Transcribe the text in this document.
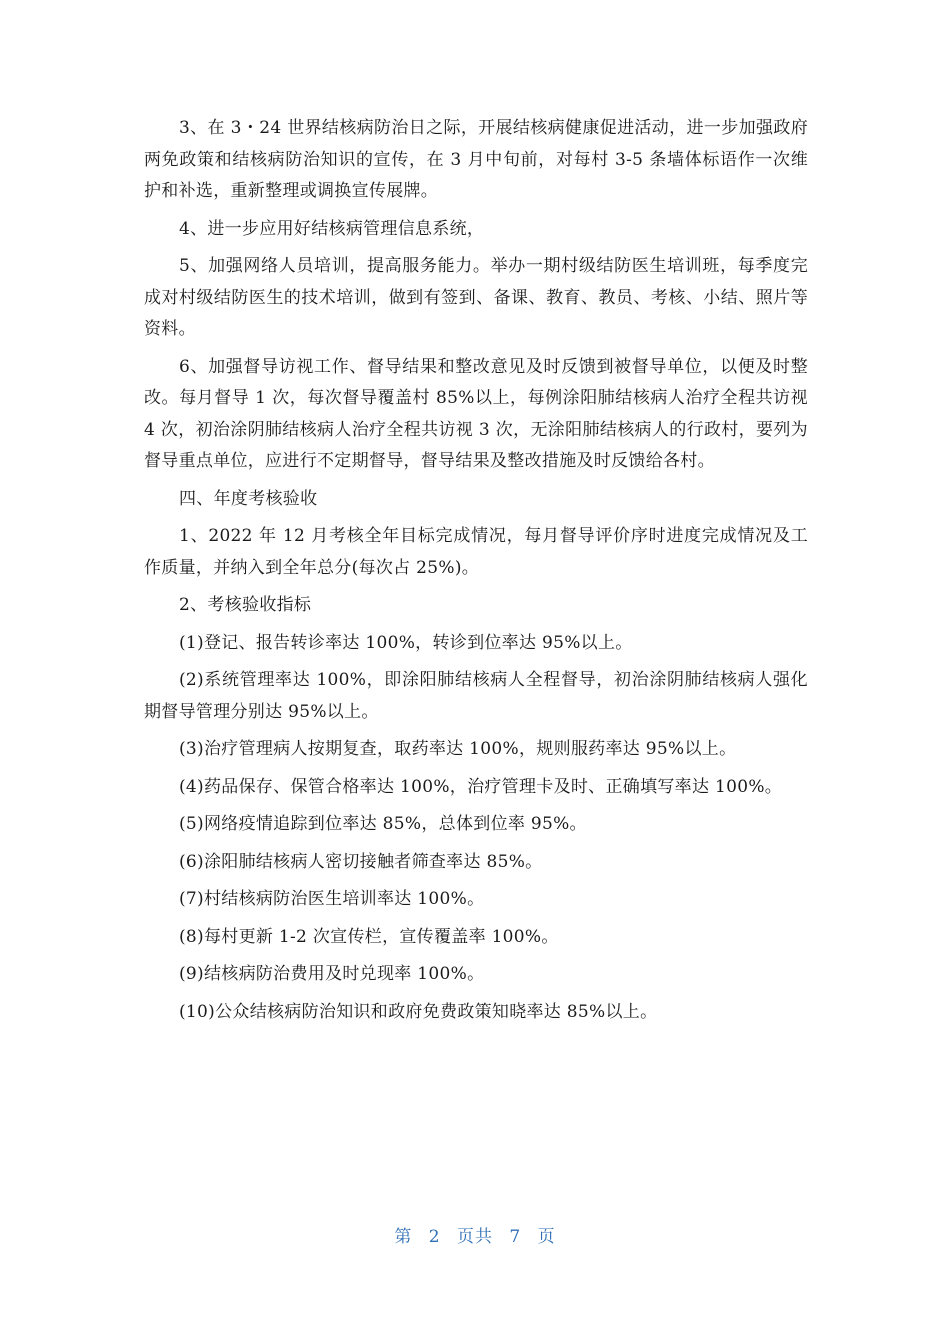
3、在 3・24 世界结核病防治日之际，开展结核病健康促进活动，进一步加强政府两免政策和结核病防治知识的宣传，在 3 月中旬前，对每村 3-5 条墙体标语作一次维护和补选，重新整理或调换宣传展牌。

4、进一步应用好结核病管理信息系统，

5、加强网络人员培训，提高服务能力。举办一期村级结防医生培训班，每季度完成对村级结防医生的技术培训，做到有签到、备课、教育、教员、考核、小结、照片等资料。

6、加强督导访视工作、督导结果和整改意见及时反馈到被督导单位，以便及时整改。每月督导 1 次，每次督导覆盖村 85%以上，每例涂阳肺结核病人治疗全程共访视 4 次，初治涂阴肺结核病人治疗全程共访视 3 次，无涂阳肺结核病人的行政村，要列为督导重点单位，应进行不定期督导，督导结果及整改措施及时反馈给各村。

四、年度考核验收

1、2022 年 12 月考核全年目标完成情况，每月督导评价序时进度完成情况及工作质量，并纳入到全年总分(每次占 25%)。

2、考核验收指标

(1)登记、报告转诊率达 100%，转诊到位率达 95%以上。

(2)系统管理率达 100%，即涂阳肺结核病人全程督导，初治涂阴肺结核病人强化期督导管理分别达 95%以上。

(3)治疗管理病人按期复查，取药率达 100%，规则服药率达 95%以上。

(4)药品保存、保管合格率达 100%，治疗管理卡及时、正确填写率达 100%。

(5)网络疫情追踪到位率达 85%，总体到位率 95%。

(6)涂阳肺结核病人密切接触者筛查率达 85%。

(7)村结核病防治医生培训率达 100%。

(8)每村更新 1-2 次宣传栏，宣传覆盖率 100%。

(9)结核病防治费用及时兑现率 100%。

(10)公众结核病防治知识和政府免费政策知晓率达 85%以上。

第 2 页共 7 页
